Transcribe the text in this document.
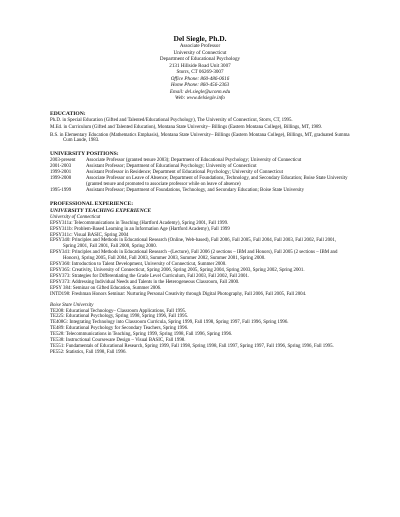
Del Siegle, Ph.D.
Associate Professor
University of Connecticut
Department of Educational Psychology
2131 Hillside Road Unit 3007
Storrs, CT 06269-3007
Office Phone: 860-486-0616
Home Phone: 860-456-2363
Email: del.siegle@uconn.edu
Web: www.delsiegle.info
EDUCATION:
Ph.D. in Special Education (Gifted and Talented/Educational Psychology), The University of Connecticut, Storrs, CT, 1995.
M.Ed. in Curriculum (Gifted and Talented Education), Montana State University– Billings (Eastern Montana College), Billings, MT, 1989.
B.S. in Elementary Education (Mathematics Emphasis), Montana State University– Billings (Eastern Montana College), Billings, MT, graduated Summa Cum Laude, 1983.
UNIVERSITY POSITIONS:
2003-present	Associate Professor (granted tenure 2003); Department of Educational Psychology; University of Connecticut
2001-2003	Assistant Professor; Department of Educational Psychology; University of Connecticut
1999-2001	Assistant Professor in Residence; Department of Educational Psychology; University of Connecticut
1999-2000	Associate Professor on Leave of Absence; Department of Foundations, Technology, and Secondary Education; Boise State University (granted tenure and promoted to associate professor while on leave of absence)
1995-1999	Assistant Professor; Department of Foundations, Technology, and Secondary Education; Boise State University
PROFESSIONAL EXPERIENCE:
UNIVERSITY TEACHING EXPERIENCE
University of Connecticut
EPSY311a: Telecommunications in Teaching (Hartford Academy), Spring 2001, Fall 1999.
EPSY311b: Problem-Based Learning in an Information Age (Hartford Academy), Fall 1999
EPSY311c: Visual BASIC, Spring 2004
EPSY340: Principles and Methods in Educational Research (Online, Web-based), Fall 2006, Fall 2005, Fall 2004, Fall 2003, Fall 2002, Fall 2001, Spring 2001, Fall 2001, Fall 2000, Spring 2000.
EPSY341: Principles and Methods in Educational Research –(Lecture), Fall 2006 (2 sections – IBM and Honors), Fall 2005 (2 sections – IBM and Honors), Spring 2005, Fall 2004, Fall 2003, Summer 2003, Summer 2002, Summer 2001, Spring 2000.
EPSY360: Introduction to Talent Development, University of Connecticut, Summer 2000.
EPSY365: Creativity, University of Connecticut, Spring 2006, Spring 2005, Spring 2004, Spring 2003, Spring 2002, Spring 2001.
EPSY373: Strategies for Differentiating the Grade Level Curriculum, Fall 2003, Fall 2002, Fall 2001.
EPSY373: Addressing Individual Needs and Talents in the Heterogeneous Classroom, Fall 2000.
EPSY 384: Seminar on Gifted Education, Summer 2006.
INTD198: Freshman Honors Seminar: Nurturing Personal Creativity through Digital Photography, Fall 2006, Fall 2005, Fall 2004.
Boise State University
TE208: Educational Technology– Classroom Applications, Fall 1995.
TE225: Educational Psychology, Spring 1998, Spring 1996, Fall 1995.
TE408G: Integrating Technology into Classroom Curricula, Spring 1999, Fall 1998, Spring 1997, Fall 1996, Spring 1996.
TE489: Educational Psychology for Secondary Teachers, Spring 1996.
TE528: Telecommunications in Teaching, Spring 1999, Spring 1998, Fall 1996, Spring 1996.
TE538: Instructional Courseware Design – Visual BASIC, Fall 1998.
TE551: Fundamentals of Educational Research, Spring 1999, Fall 1998, Spring 1998, Fall 1997, Spring 1997, Fall 1996, Spring 1996, Fall 1995.
PE552: Statistics, Fall 1998, Fall 1996.
